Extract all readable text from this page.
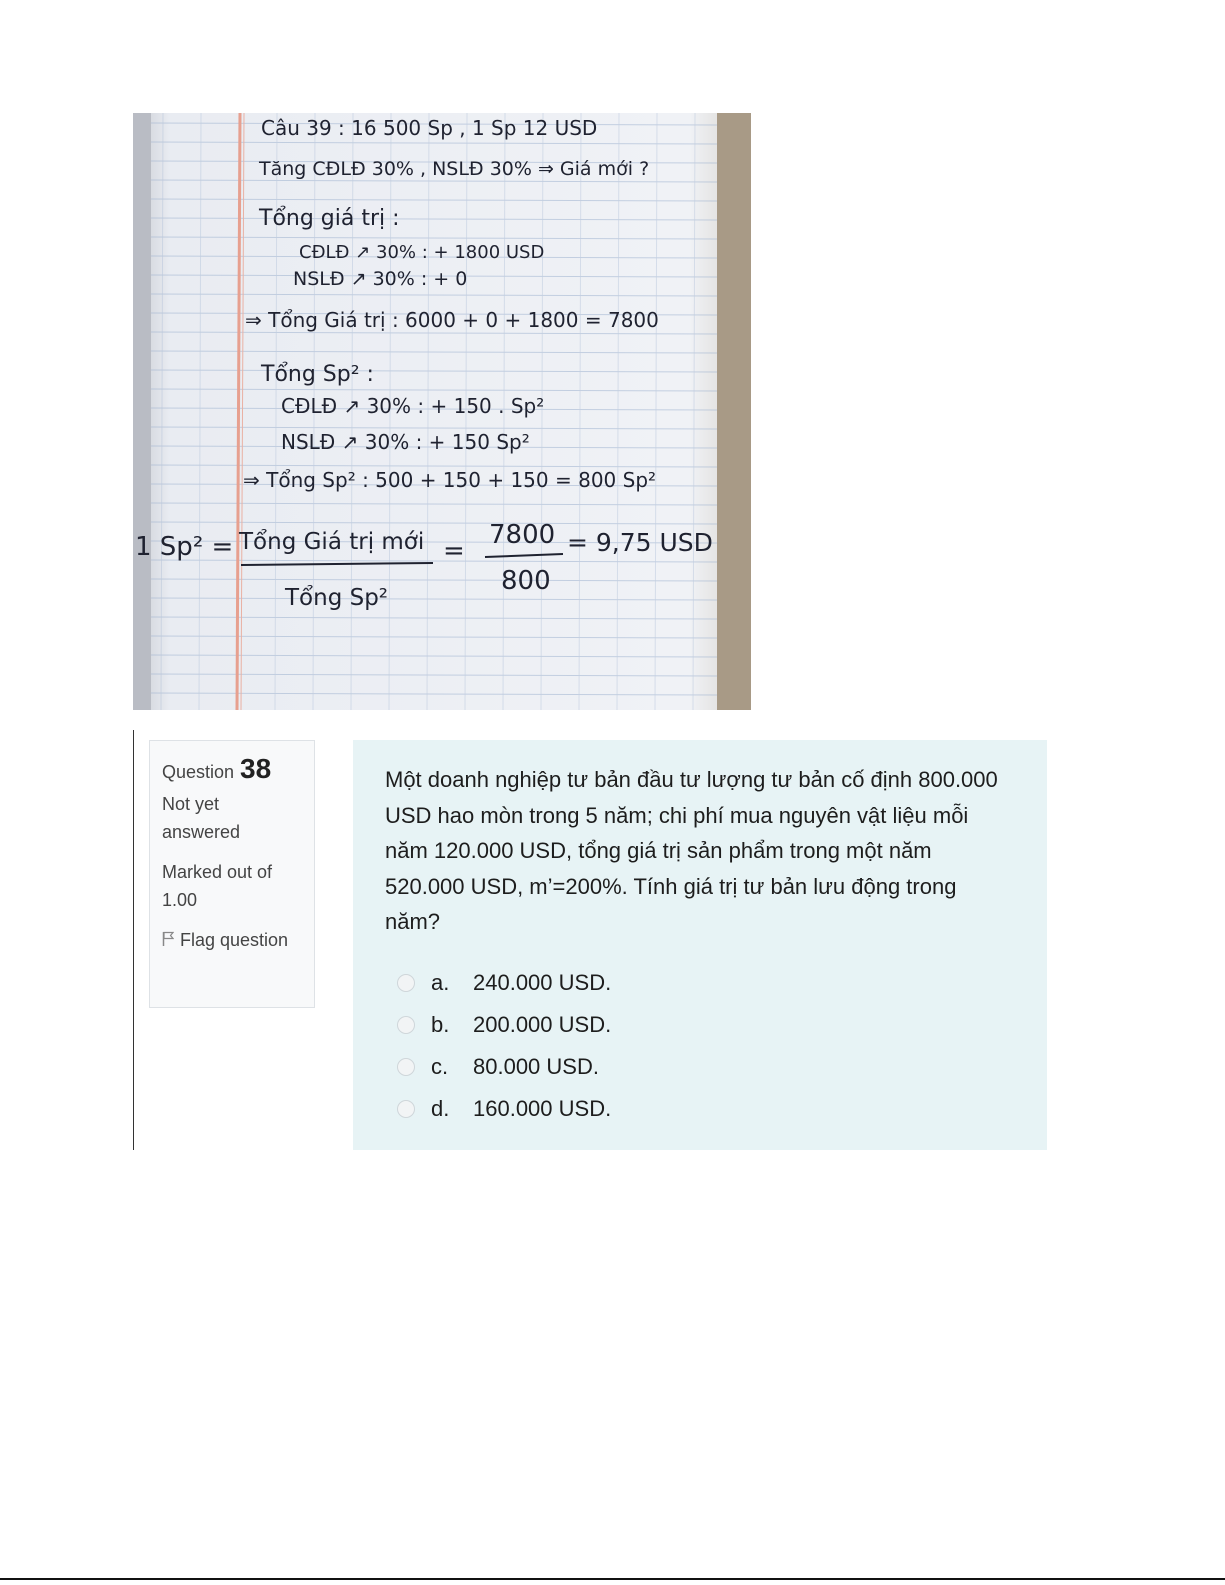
Câu 39 : 16 500 Sp , 1 Sp 12 USD
Tăng CĐLĐ 30% , NSLĐ 30% ⇒ Giá mới ?
Tổng giá trị :
CĐLĐ ↗ 30% : + 1800 USD
NSLĐ ↗ 30% : + 0
⇒ Tổng Giá trị : 6000 + 0 + 1800 = 7800
Tổng Sp² :
CĐLĐ ↗ 30% : + 150 . Sp²
NSLĐ ↗ 30% : + 150 Sp²
⇒ Tổng Sp² : 500 + 150 + 150 = 800 Sp²
1 Sp² = Tổng Giá trị mới
Tổng Sp²
=
7800
800
= 9,75 USD
Question 38

Not yet answered

Marked out of 1.00

Flag question

Một doanh nghiệp tư bản đầu tư lượng tư bản cố định 800.000 USD hao mòn trong 5 năm; chi phí mua nguyên vật liệu mỗi năm 120.000 USD, tổng giá trị sản phẩm trong một năm 520.000 USD, m’=200%. Tính giá trị tư bản lưu động trong năm?

a.	240.000 USD.
b.	200.000 USD.
c.	80.000 USD.
d.	160.000 USD.
